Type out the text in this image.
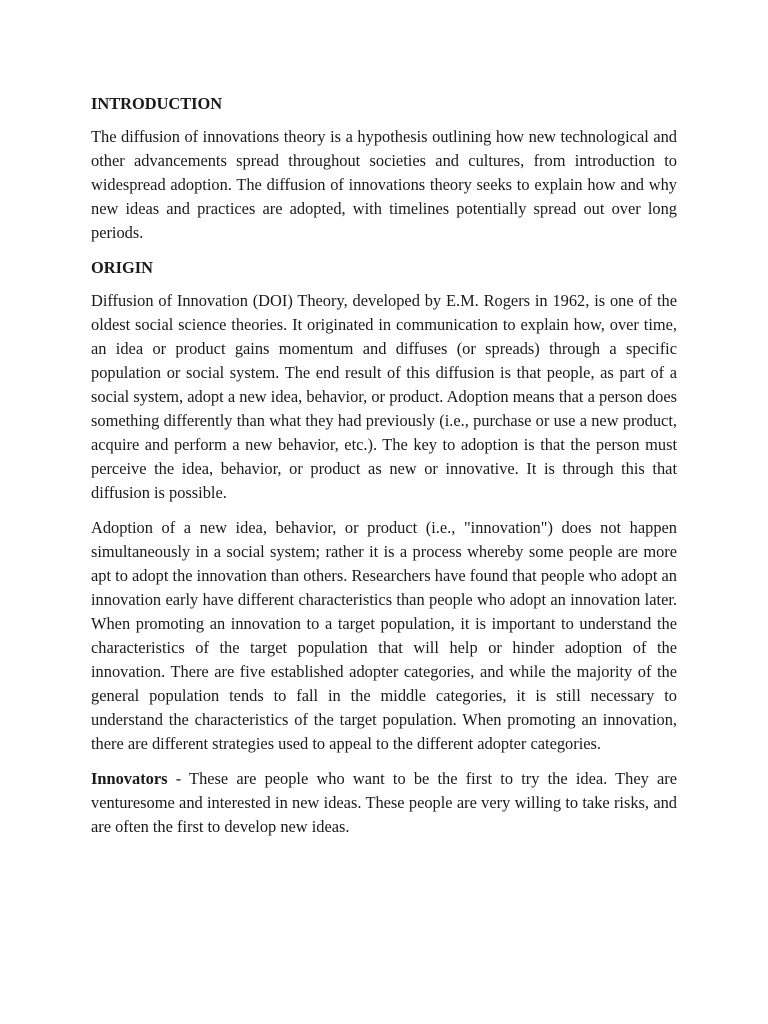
INTRODUCTION

The diffusion of innovations theory is a hypothesis outlining how new technological and other advancements spread throughout societies and cultures, from introduction to widespread adoption. The diffusion of innovations theory seeks to explain how and why new ideas and practices are adopted, with timelines potentially spread out over long periods.

ORIGIN

Diffusion of Innovation (DOI) Theory, developed by E.M. Rogers in 1962, is one of the oldest social science theories. It originated in communication to explain how, over time, an idea or product gains momentum and diffuses (or spreads) through a specific population or social system. The end result of this diffusion is that people, as part of a social system, adopt a new idea, behavior, or product. Adoption means that a person does something differently than what they had previously (i.e., purchase or use a new product, acquire and perform a new behavior, etc.). The key to adoption is that the person must perceive the idea, behavior, or product as new or innovative. It is through this that diffusion is possible.

Adoption of a new idea, behavior, or product (i.e., "innovation") does not happen simultaneously in a social system; rather it is a process whereby some people are more apt to adopt the innovation than others. Researchers have found that people who adopt an innovation early have different characteristics than people who adopt an innovation later. When promoting an innovation to a target population, it is important to understand the characteristics of the target population that will help or hinder adoption of the innovation. There are five established adopter categories, and while the majority of the general population tends to fall in the middle categories, it is still necessary to understand the characteristics of the target population. When promoting an innovation, there are different strategies used to appeal to the different adopter categories.

Innovators - These are people who want to be the first to try the idea. They are venturesome and interested in new ideas. These people are very willing to take risks, and are often the first to develop new ideas.
